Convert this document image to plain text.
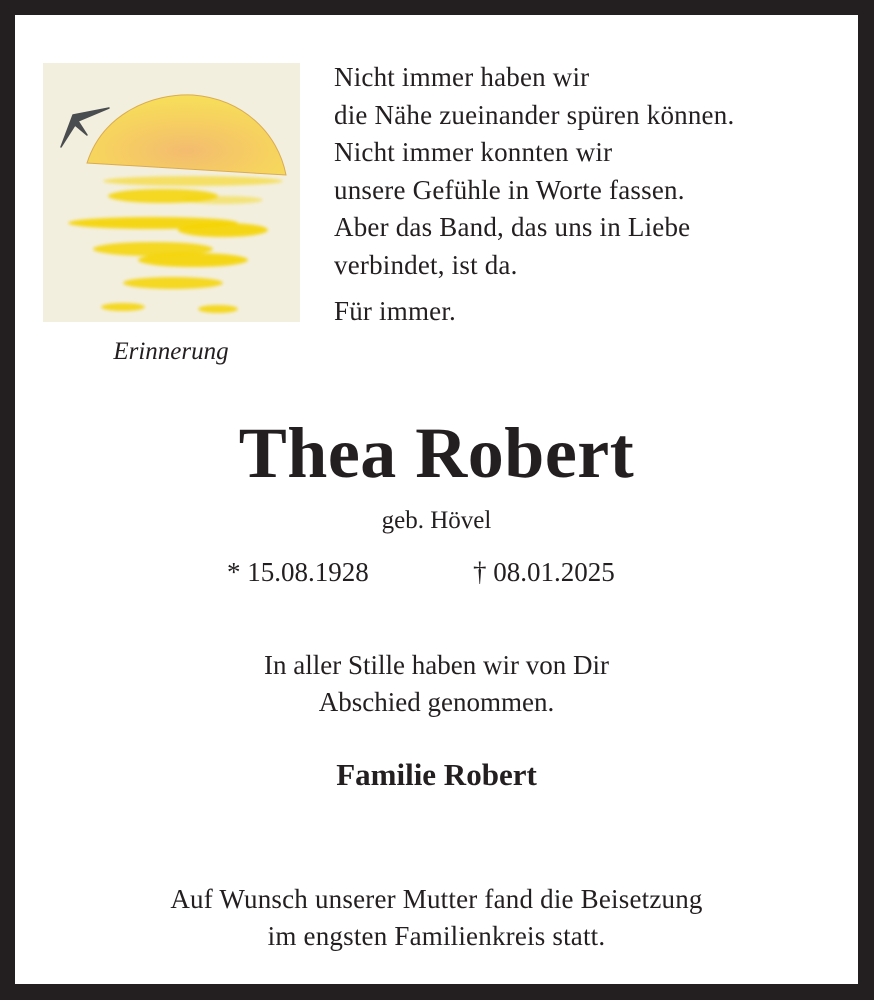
Erinnerung
Nicht immer haben wir
die Nähe zueinander spüren können.
Nicht immer konnten wir
unsere Gefühle in Worte fassen.
Aber das Band, das uns in Liebe
verbindet, ist da.
Für immer.
Thea Robert
geb. Hövel
* 15.08.1928	† 08.01.2025
In aller Stille haben wir von Dir
Abschied genommen.
Familie Robert
Auf Wunsch unserer Mutter fand die Beisetzung
im engsten Familienkreis statt.
